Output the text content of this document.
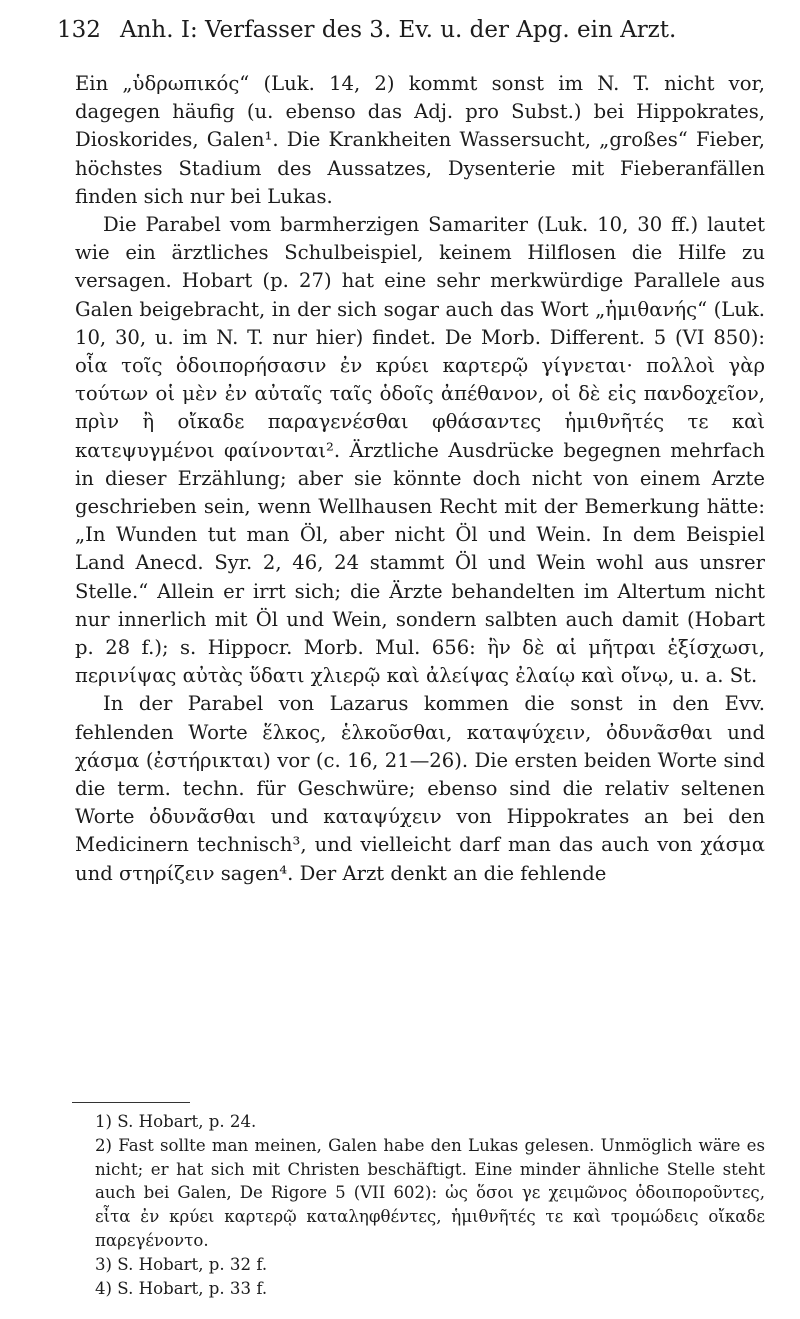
132 Anh. I: Verfasser des 3. Ev. u. der Apg. ein Arzt.

Ein „ὑδρωπικός“ (Luk. 14, 2) kommt sonst im N. T. nicht vor, dagegen häufig (u. ebenso das Adj. pro Subst.) bei Hippokrates, Dioskorides, Galen¹. Die Krankheiten Wassersucht, „großes“ Fieber, höchstes Stadium des Aussatzes, Dysenterie mit Fieberanfällen finden sich nur bei Lukas.

Die Parabel vom barmherzigen Samariter (Luk. 10, 30 ff.) lautet wie ein ärztliches Schulbeispiel, keinem Hilflosen die Hilfe zu versagen. Hobart (p. 27) hat eine sehr merkwürdige Parallele aus Galen beigebracht, in der sich sogar auch das Wort „ἡμιθανής“ (Luk. 10, 30, u. im N. T. nur hier) findet. De Morb. Different. 5 (VI 850): οἷα τοῖς ὁδοιπορήσασιν ἐν κρύει καρτερῷ γίγνεται· πολλοὶ γὰρ τούτων οἱ μὲν ἐν αὐταῖς ταῖς ὁδοῖς ἀπέθανον, οἱ δὲ εἰς πανδοχεῖον, πρὶν ἢ οἴκαδε παραγενέσθαι φθάσαντες ἡμιθνῆτές τε καὶ κατεψυγμένοι φαίνονται². Ärztliche Ausdrücke begegnen mehrfach in dieser Erzählung; aber sie könnte doch nicht von einem Arzte geschrieben sein, wenn Wellhausen Recht mit der Bemerkung hätte: „In Wunden tut man Öl, aber nicht Öl und Wein. In dem Beispiel Land Anecd. Syr. 2, 46, 24 stammt Öl und Wein wohl aus unsrer Stelle.“ Allein er irrt sich; die Ärzte behandelten im Altertum nicht nur innerlich mit Öl und Wein, sondern salbten auch damit (Hobart p. 28 f.); s. Hippocr. Morb. Mul. 656: ἢν δὲ αἱ μῆτραι ἑξίσχωσι, περινίψας αὐτὰς ὕδατι χλιερῷ καὶ ἀλείψας ἐλαίῳ καὶ οἴνῳ, u. a. St.

In der Parabel von Lazarus kommen die sonst in den Evv. fehlenden Worte ἕλκος, ἑλκοῦσθαι, καταψύχειν, ὀδυνᾶσθαι und χάσμα (ἐστήρικται) vor (c. 16, 21—26). Die ersten beiden Worte sind die term. techn. für Geschwüre; ebenso sind die relativ seltenen Worte ὀδυνᾶσθαι und καταψύχειν von Hippokrates an bei den Medicinern technisch³, und vielleicht darf man das auch von χάσμα und στηρίζειν sagen⁴. Der Arzt denkt an die fehlende

1) S. Hobart, p. 24.

2) Fast sollte man meinen, Galen habe den Lukas gelesen. Unmöglich wäre es nicht; er hat sich mit Christen beschäftigt. Eine minder ähnliche Stelle steht auch bei Galen, De Rigore 5 (VII 602): ὡς ὅσοι γε χειμῶνος ὁδοιποροῦντες, εἶτα ἐν κρύει καρτερῷ καταληφθέντες, ἡμιθνῆτές τε καὶ τρομώδεις οἴκαδε παρεγένοντο.

3) S. Hobart, p. 32 f.

4) S. Hobart, p. 33 f.
